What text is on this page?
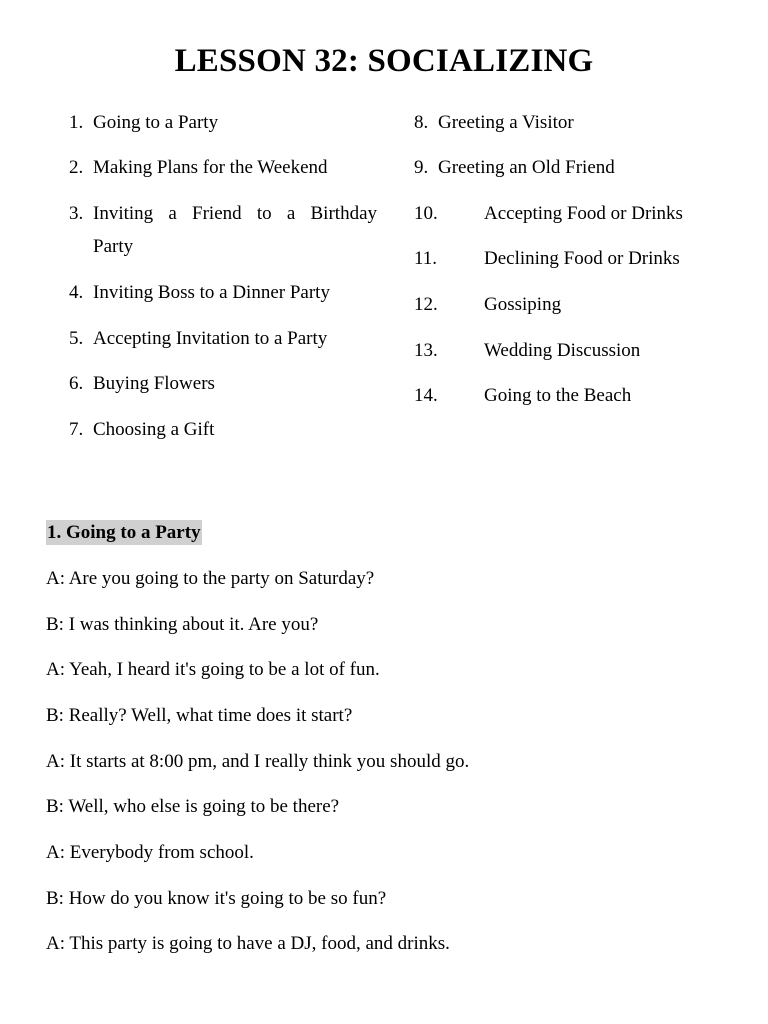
LESSON 32: SOCIALIZING
1. Going to a Party
2. Making Plans for the Weekend
3. Inviting a Friend to a Birthday
Party
4. Inviting Boss to a Dinner Party
5. Accepting Invitation to a Party
6. Buying Flowers
7. Choosing a Gift
8. Greeting a Visitor
9. Greeting an Old Friend
10. Accepting Food or Drinks
11. Declining Food or Drinks
12. Gossiping
13. Wedding Discussion
14. Going to the Beach
1. Going to a Party
A: Are you going to the party on Saturday?
B: I was thinking about it. Are you?
A: Yeah, I heard it's going to be a lot of fun.
B: Really? Well, what time does it start?
A: It starts at 8:00 pm, and I really think you should go.
B: Well, who else is going to be there?
A: Everybody from school.
B: How do you know it's going to be so fun?
A: This party is going to have a DJ, food, and drinks.
